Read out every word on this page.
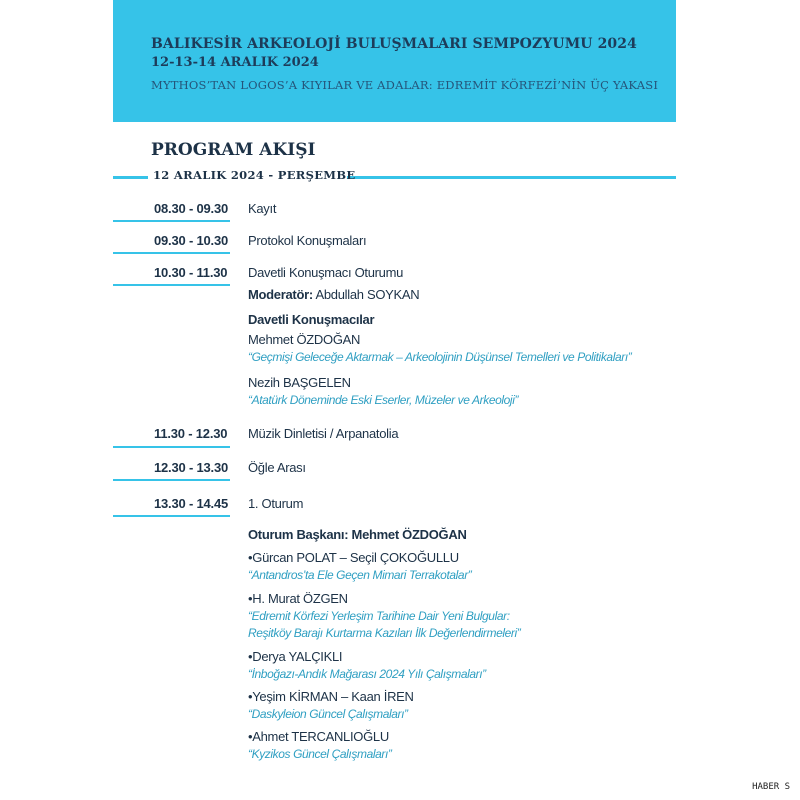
BALIKESİR ARKEOLOJİ BULUŞMALARI SEMPOZYUMU 2024
12-13-14 ARALIK 2024
MYTHOS’TAN LOGOS’A KIYILAR VE ADALAR: EDREMİT KÖRFEZİ’NİN ÜÇ YAKASI
PROGRAM AKIŞI
12 ARALIK 2024 - PERŞEMBE
08.30 - 09.30 Kayıt
09.30 - 10.30 Protokol Konuşmaları
10.30 - 11.30 Davetli Konuşmacı Oturumu
Moderatör: Abdullah SOYKAN
Davetli Konuşmacılar
Mehmet ÖZDOĞAN
“Geçmişi Geleceğe Aktarmak – Arkeolojinin Düşünsel Temelleri ve Politikaları”
Nezih BAŞGELEN
“Atatürk Döneminde Eski Eserler, Müzeler ve Arkeoloji”
11.30 - 12.30 Müzik Dinletisi / Arpanatolia
12.30 - 13.30 Öğle Arası
13.30 - 14.45 1. Oturum
Oturum Başkanı: Mehmet ÖZDOĞAN
•Gürcan POLAT – Seçil ÇOKOĞULLU
“Antandros’ta Ele Geçen Mimari Terrakotalar”
•H. Murat ÖZGEN
“Edremit Körfezi Yerleşim Tarihine Dair Yeni Bulgular:
Reşitköy Barajı Kurtarma Kazıları İlk Değerlendirmeleri”
•Derya YALÇIKLI
“İnboğazı-Andık Mağarası 2024 Yılı Çalışmaları”
•Yeşim KİRMAN – Kaan İREN
“Daskyleion Güncel Çalışmaları”
•Ahmet TERCANLIOĞLU
“Kyzikos Güncel Çalışmaları”
HABER S
